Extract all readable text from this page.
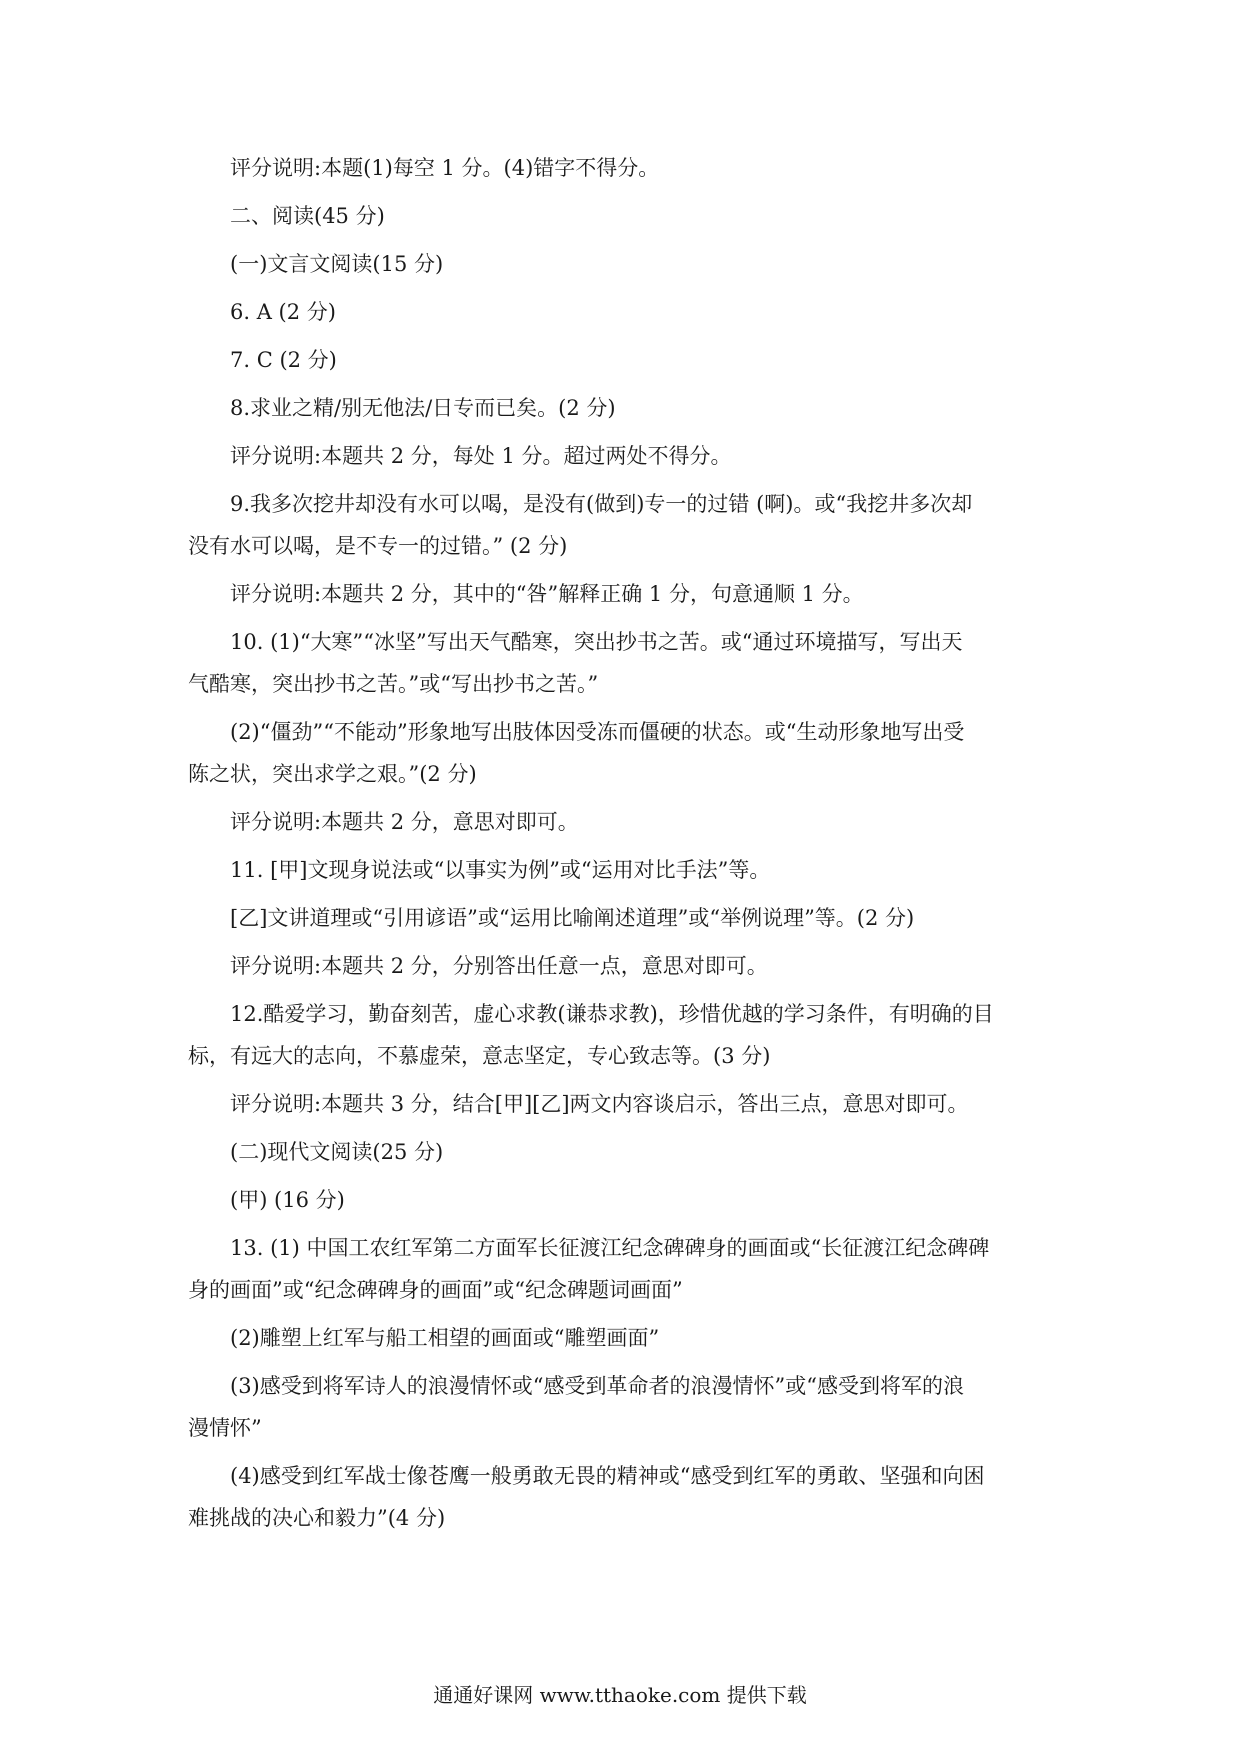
评分说明:本题(1)每空 1 分。(4)错字不得分。
二、阅读(45 分)
(一)文言文阅读(15 分)
6. A (2 分)
7. C (2 分)
8.求业之精/别无他法/日专而已矣。(2 分)
评分说明:本题共 2 分，每处 1 分。超过两处不得分。
9.我多次挖井却没有水可以喝，是没有(做到)专一的过错 (啊)。或“我挖井多次却
没有水可以喝，是不专一的过错。” (2 分)
评分说明:本题共 2 分，其中的“咎”解释正确 1 分，句意通顺 1 分。
10. (1)“大寒”“冰坚”写出天气酷寒，突出抄书之苦。或“通过环境描写，写出天
气酷寒，突出抄书之苦。”或“写出抄书之苦。”
(2)“僵劲”“不能动”形象地写出肢体因受冻而僵硬的状态。或“生动形象地写出受
陈之状，突出求学之艰。”(2 分)
评分说明:本题共 2 分，意思对即可。
11. [甲]文现身说法或“以事实为例”或“运用对比手法”等。
[乙]文讲道理或“引用谚语”或“运用比喻阐述道理”或“举例说理”等。(2 分)
评分说明:本题共 2 分，分别答出任意一点，意思对即可。
12.酷爱学习，勤奋刻苦，虚心求教(谦恭求教)，珍惜优越的学习条件，有明确的目
标，有远大的志向，不慕虚荣，意志坚定，专心致志等。(3 分)
评分说明:本题共 3 分，结合[甲][乙]两文内容谈启示，答出三点，意思对即可。
(二)现代文阅读(25 分)
(甲) (16 分)
13. (1) 中国工农红军第二方面军长征渡江纪念碑碑身的画面或“长征渡江纪念碑碑
身的画面”或“纪念碑碑身的画面”或“纪念碑题词画面”
(2)雕塑上红军与船工相望的画面或“雕塑画面”
(3)感受到将军诗人的浪漫情怀或“感受到革命者的浪漫情怀”或“感受到将军的浪
漫情怀”
(4)感受到红军战士像苍鹰一般勇敢无畏的精神或“感受到红军的勇敢、坚强和向困
难挑战的决心和毅力”(4 分)
通通好课网 www.tthaoke.com 提供下载
